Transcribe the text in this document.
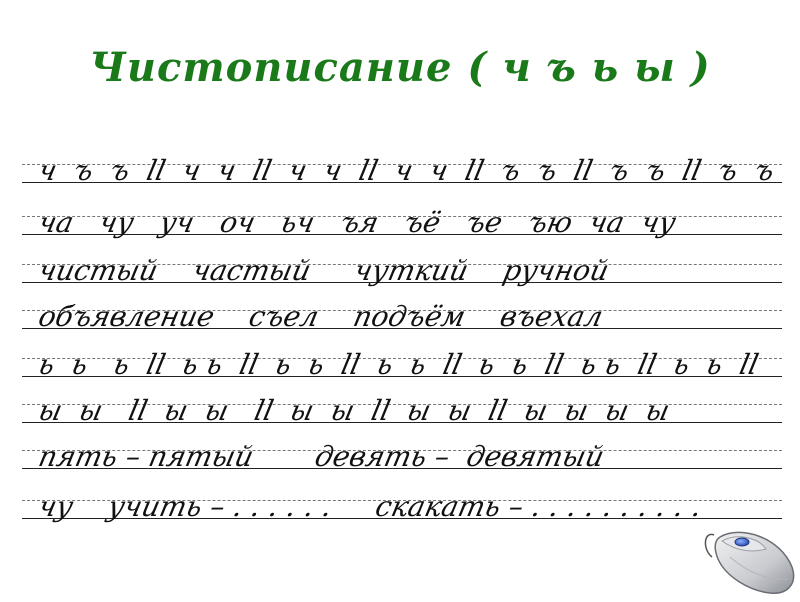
Чистописание ( ч ъ ь ы )
ч  ъ  ъ  ll  ч  ч  ll  ч  ч  ll  ч  ч  ll  ъ  ъ  ll  ъ  ъ  ll  ъ  ъ
ча   чу   уч   оч   ьч   ъя   ъё   ъе   ъю  ча  чу
чистый    частый     чуткий    ручной
объявление    съел    подъём    въехал
ь  ь   ь  ll  ь ь  ll  ь  ь  ll  ь  ь  ll  ь  ь  ll  ь ь  ll  ь  ь  ll
ы  ы   ll  ы  ы   ll  ы  ы  ll  ы  ы  ll  ы  ы  ы  ы
пять – пятый       девять –  девятый
чу    учить – . . . . . .     скакать – . . . . . . . . . .
